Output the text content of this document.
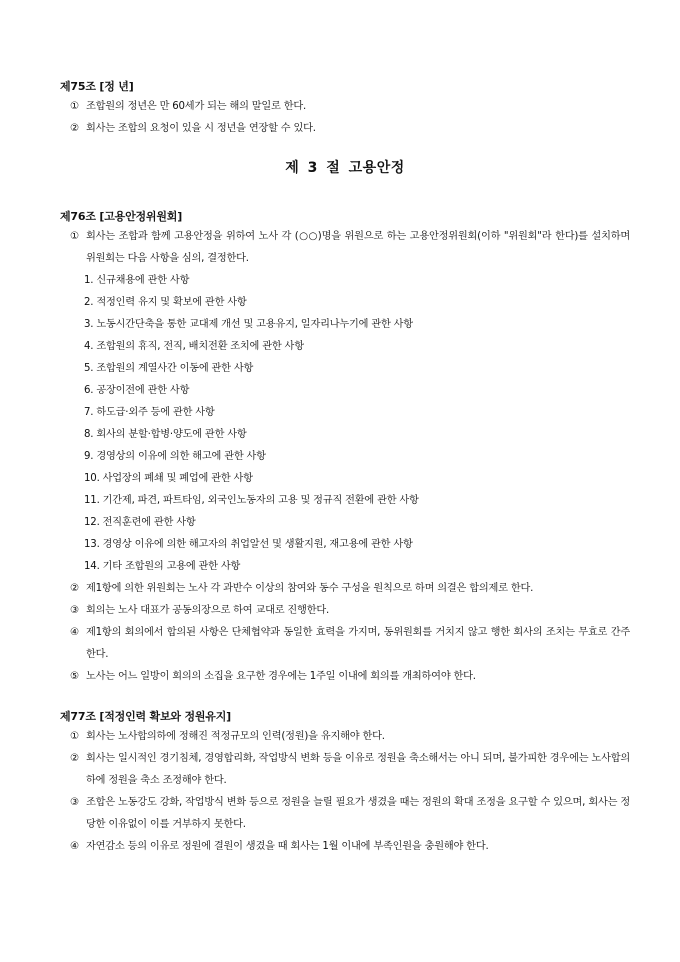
제75조 [정 년]

① 조합원의 정년은 만 60세가 되는 해의 말일로 한다.

② 회사는 조합의 요청이 있을 시 정년을 연장할 수 있다.

제 3 절 고용안정

제76조 [고용안정위원회]

① 회사는 조합과 함께 고용안정을 위하여 노사 각 (○○)명을 위원으로 하는 고용안정위원회(이하 "위원회"라 한다)를 설치하며 위원회는 다음 사항을 심의, 결정한다.

1. 신규채용에 관한 사항

2. 적정인력 유지 및 확보에 관한 사항

3. 노동시간단축을 통한 교대제 개선 및 고용유지, 일자리나누기에 관한 사항

4. 조합원의 휴직, 전직, 배치전환 조치에 관한 사항

5. 조합원의 계열사간 이동에 관한 사항

6. 공장이전에 관한 사항

7. 하도급·외주 등에 관한 사항

8. 회사의 분할·합병·양도에 관한 사항

9. 경영상의 이유에 의한 해고에 관한 사항

10. 사업장의 폐쇄 및 폐업에 관한 사항

11. 기간제, 파견, 파트타임, 외국인노동자의 고용 및 정규직 전환에 관한 사항

12. 전직훈련에 관한 사항

13. 경영상 이유에 의한 해고자의 취업알선 및 생활지원, 재고용에 관한 사항

14. 기타 조합원의 고용에 관한 사항

② 제1항에 의한 위원회는 노사 각 과반수 이상의 참여와 동수 구성을 원칙으로 하며 의결은 합의제로 한다.

③ 회의는 노사 대표가 공동의장으로 하여 교대로 진행한다.

④ 제1항의 회의에서 합의된 사항은 단체협약과 동일한 효력을 가지며, 동위원회를 거치지 않고 행한 회사의 조치는 무효로 간주한다.

⑤ 노사는 어느 일방이 회의의 소집을 요구한 경우에는 1주일 이내에 회의를 개최하여야 한다.

제77조 [적정인력 확보와 정원유지]

① 회사는 노사합의하에 정해진 적정규모의 인력(정원)을 유지해야 한다.

② 회사는 일시적인 경기침체, 경영합리화, 작업방식 변화 등을 이유로 정원을 축소해서는 아니 되며, 불가피한 경우에는 노사합의 하에 정원을 축소 조정해야 한다.

③ 조합은 노동강도 강화, 작업방식 변화 등으로 정원을 늘릴 필요가 생겼을 때는 정원의 확대 조정을 요구할 수 있으며, 회사는 정당한 이유없이 이를 거부하지 못한다.

④ 자연감소 등의 이유로 정원에 결원이 생겼을 때 회사는 1월 이내에 부족인원을 충원해야 한다.
